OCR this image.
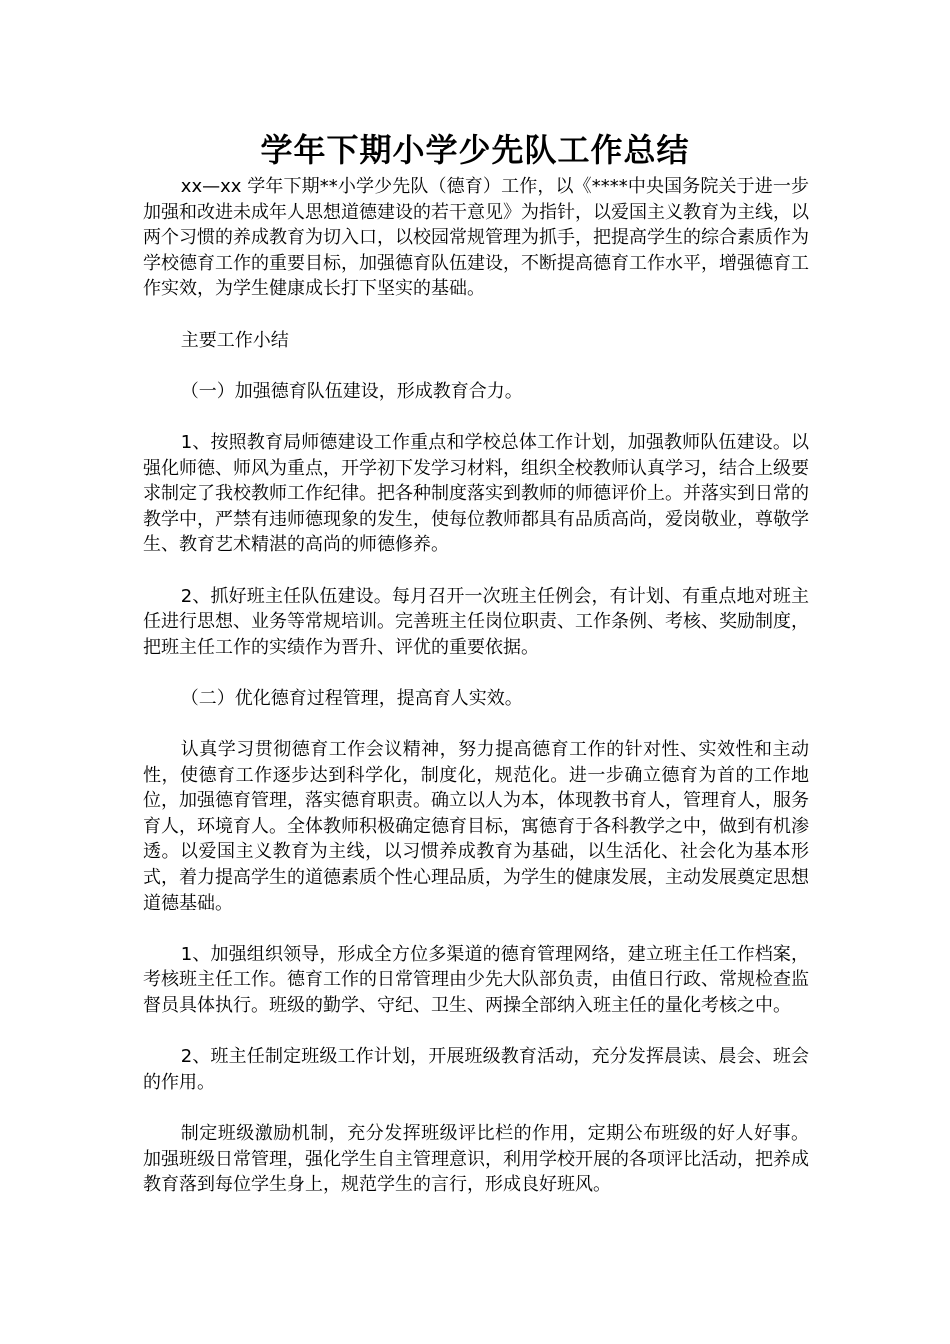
学年下期小学少先队工作总结

xx—xx 学年下期**小学少先队（德育）工作，以《****中央国务院关于进一步加强和改进未成年人思想道德建设的若干意见》为指针，以爱国主义教育为主线，以两个习惯的养成教育为切入口，以校园常规管理为抓手，把提高学生的综合素质作为学校德育工作的重要目标，加强德育队伍建设，不断提高德育工作水平，增强德育工作实效，为学生健康成长打下坚实的基础。

主要工作小结

（一）加强德育队伍建设，形成教育合力。

1、按照教育局师德建设工作重点和学校总体工作计划，加强教师队伍建设。以强化师德、师风为重点，开学初下发学习材料，组织全校教师认真学习，结合上级要求制定了我校教师工作纪律。把各种制度落实到教师的师德评价上。并落实到日常的教学中，严禁有违师德现象的发生，使每位教师都具有品质高尚，爱岗敬业，尊敬学生、教育艺术精湛的高尚的师德修养。

2、抓好班主任队伍建设。每月召开一次班主任例会，有计划、有重点地对班主任进行思想、业务等常规培训。完善班主任岗位职责、工作条例、考核、奖励制度，把班主任工作的实绩作为晋升、评优的重要依据。

（二）优化德育过程管理，提高育人实效。

认真学习贯彻德育工作会议精神，努力提高德育工作的针对性、实效性和主动性，使德育工作逐步达到科学化，制度化，规范化。进一步确立德育为首的工作地位，加强德育管理，落实德育职责。确立以人为本，体现教书育人，管理育人，服务育人，环境育人。全体教师积极确定德育目标，寓德育于各科教学之中，做到有机渗透。以爱国主义教育为主线，以习惯养成教育为基础，以生活化、社会化为基本形式，着力提高学生的道德素质个性心理品质，为学生的健康发展，主动发展奠定思想道德基础。

1、加强组织领导，形成全方位多渠道的德育管理网络，建立班主任工作档案，考核班主任工作。德育工作的日常管理由少先大队部负责，由值日行政、常规检查监督员具体执行。班级的勤学、守纪、卫生、两操全部纳入班主任的量化考核之中。

2、班主任制定班级工作计划，开展班级教育活动，充分发挥晨读、晨会、班会的作用。

制定班级激励机制，充分发挥班级评比栏的作用，定期公布班级的好人好事。加强班级日常管理，强化学生自主管理意识，利用学校开展的各项评比活动，把养成教育落到每位学生身上，规范学生的言行，形成良好班风。
